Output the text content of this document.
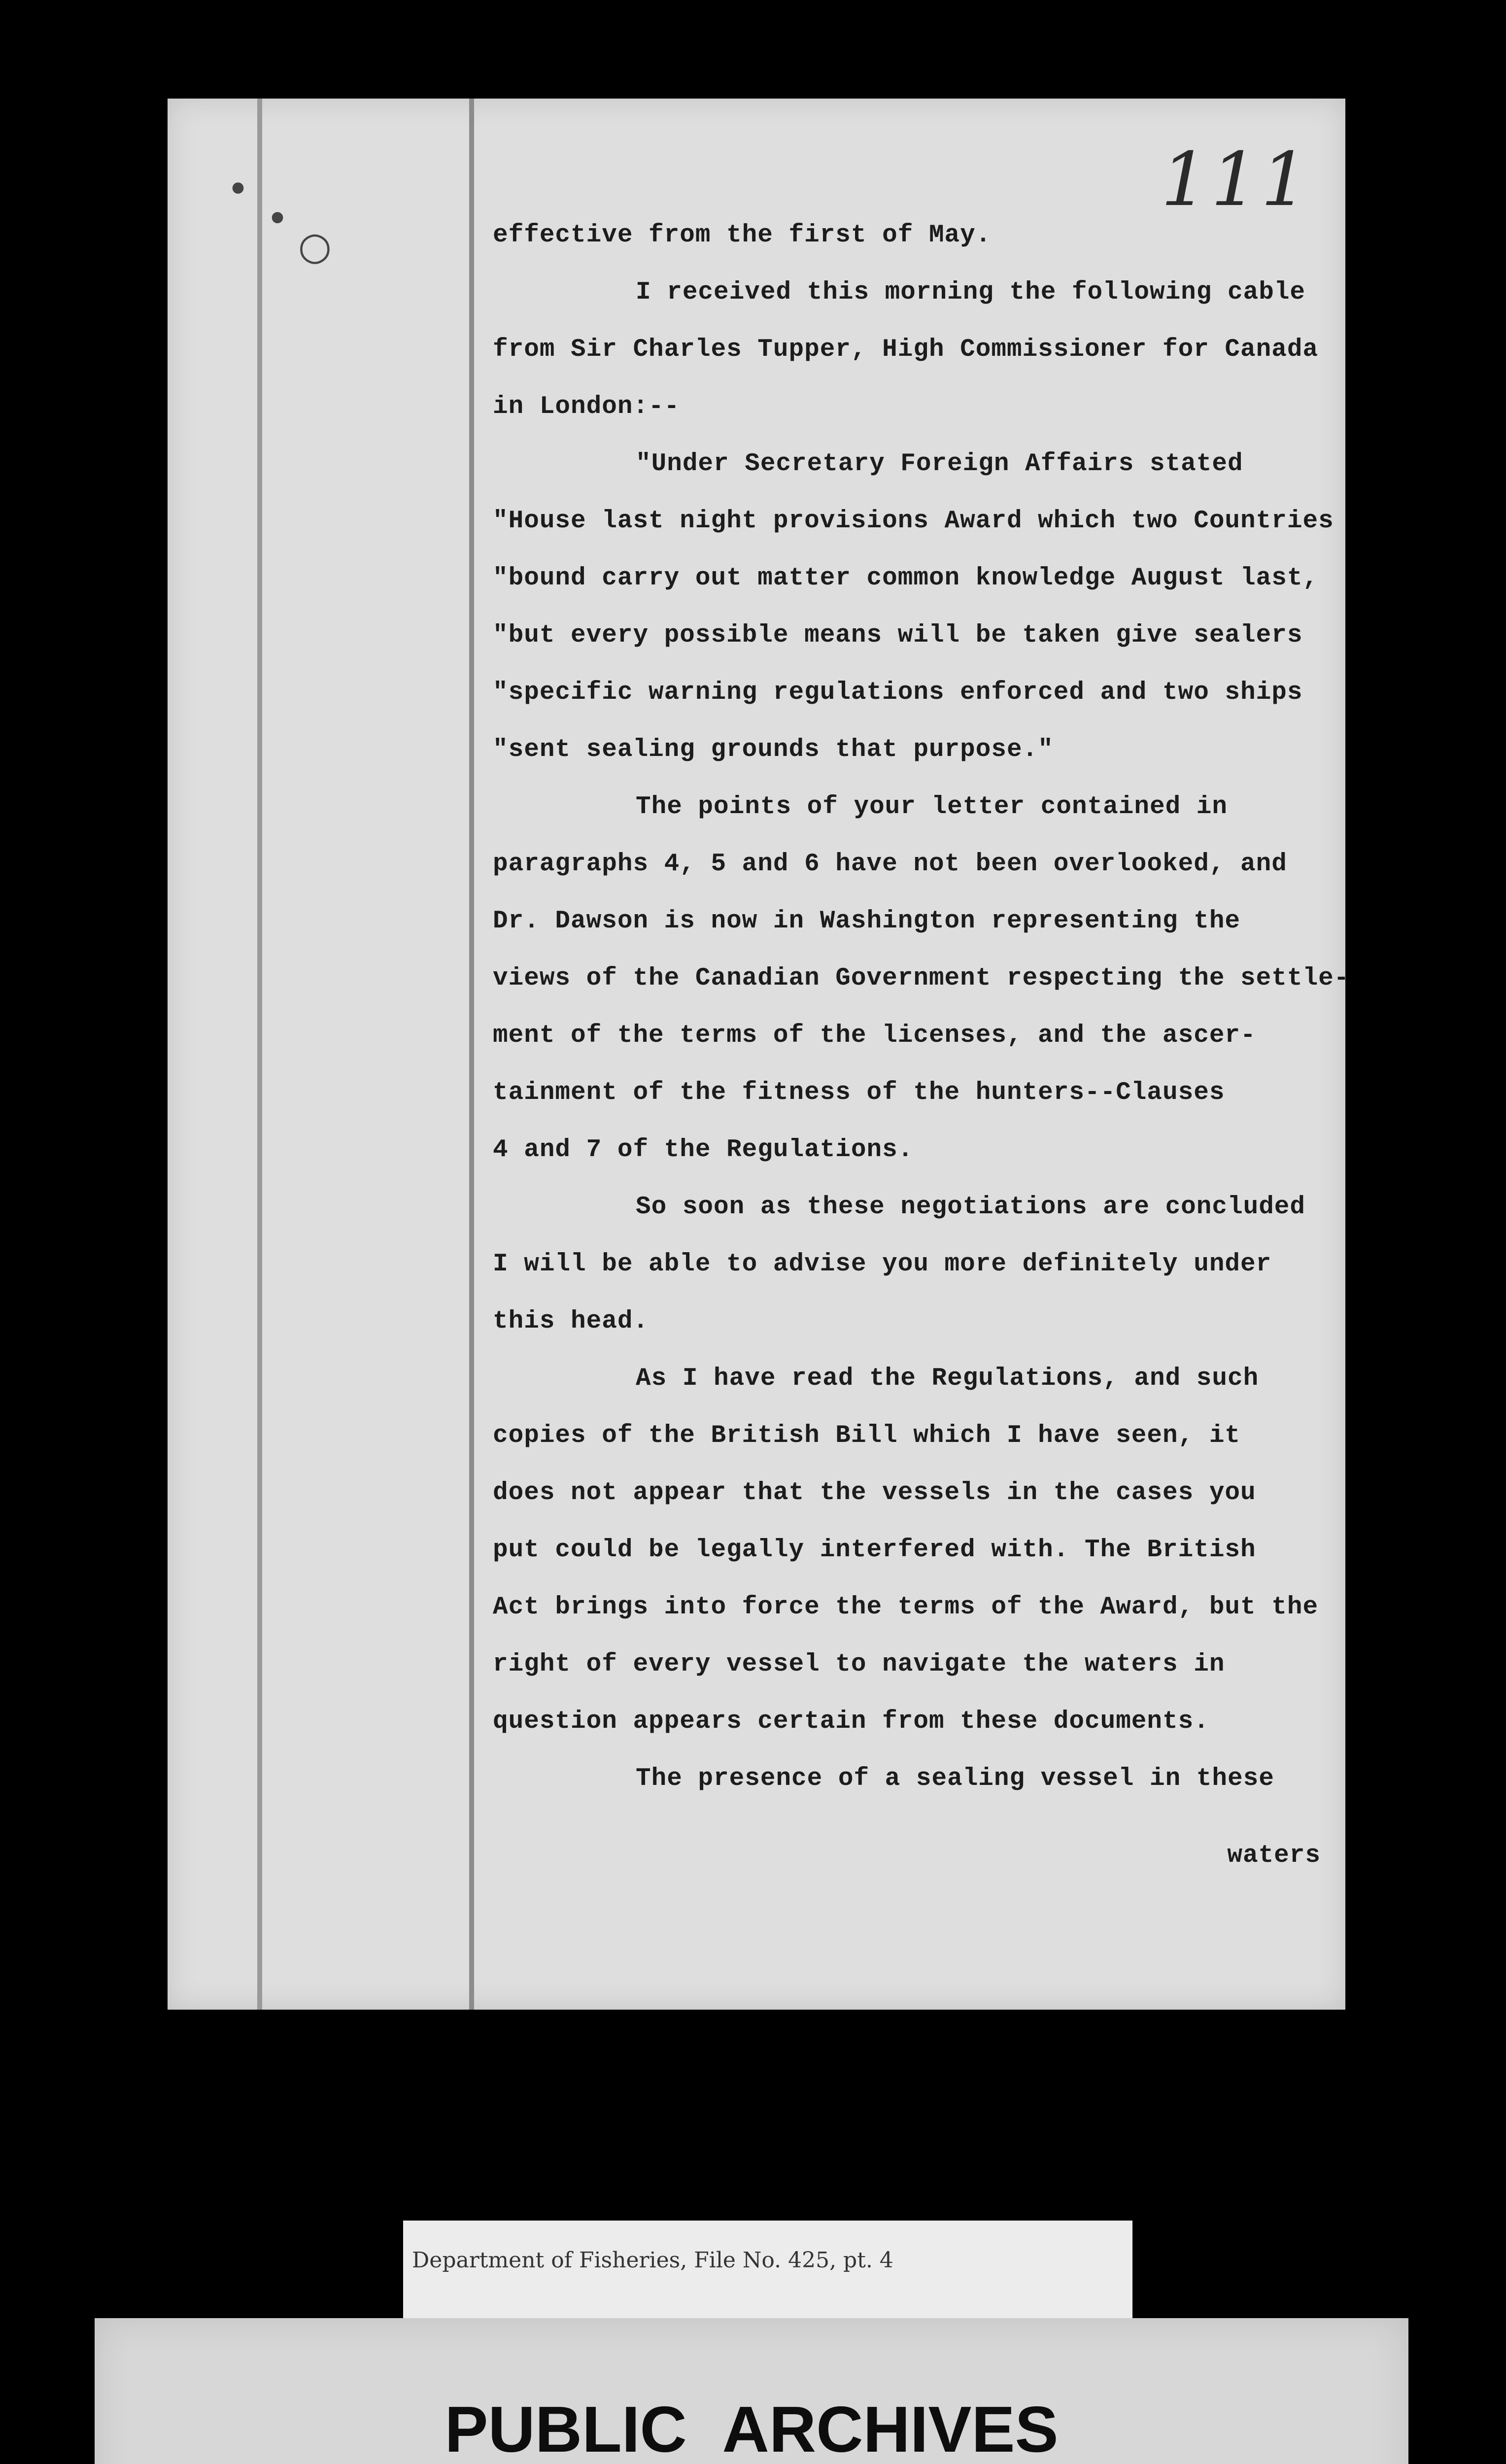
•
•
○
111
effective from the first of May.
I received this morning the following cable
from Sir Charles Tupper, High Commissioner for Canada
in London:--
"Under Secretary Foreign Affairs stated
"House last night provisions Award which two Countries
"bound carry out matter common knowledge August last,
"but every possible means will be taken give sealers
"specific warning regulations enforced and two ships
"sent sealing grounds that purpose."
The points of your letter contained in
paragraphs 4, 5 and 6 have not been overlooked, and
Dr. Dawson is now in Washington representing the
views of the Canadian Government respecting the settle-
ment of the terms of the licenses, and the ascer-
tainment of the fitness of the hunters--Clauses
4 and 7 of the Regulations.
So soon as these negotiations are concluded
I will be able to advise you more definitely under
this head.
As I have read the Regulations, and such
copies of the British Bill which I have seen, it
does not appear that the vessels in the cases you
put could be legally interfered with. The British
Act brings into force the terms of the Award, but the
right of every vessel to navigate the waters in
question appears certain from these documents.
The presence of a sealing vessel in these
waters
Department of Fisheries, File No. 425, pt. 4
PUBLIC ARCHIVES
